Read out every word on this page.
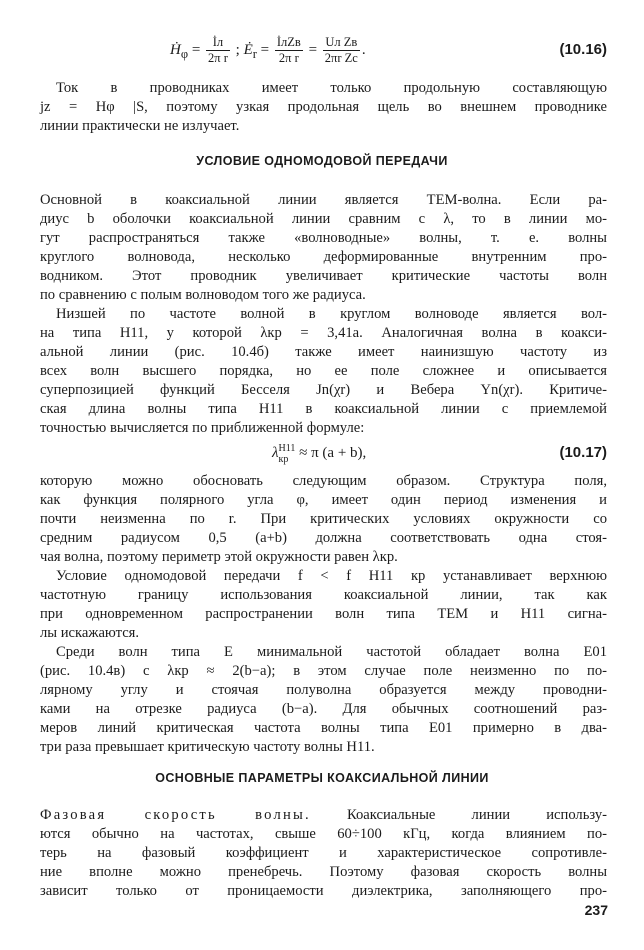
Ḣ$_\varphi$ = $\frac{İл}{\text{2π r}}$ ; $Ė_r = \frac{\text{İлZв}}{\text{2π r}} = \frac{\text{Uл Zв}}{\text{2πr Zc}}$ .	(10.16)
Ток в проводниках имеет только продольную составляющую
jz = Hφ |S, поэтому узкая продольная щель во внешнем проводнике
линии практически не излучает.
УСЛОВИЕ ОДНОМОДОВОЙ ПЕРЕДАЧИ
Основной в коаксиальной линии является ТЕМ-волна. Если ра-
диус b оболочки коаксиальной линии сравним с λ, то в линии мо-
гут распространяться также «волноводные» волны, т. е. волны
круглого волновода, несколько деформированные внутренним про-
водником. Этот проводник увеличивает критические частоты волн
по сравнению с полым волноводом того же радиуса.
Низшей по частоте волной в круглом волноводе является вол-
на типа H11, у которой λкр = 3,41a. Аналогичная волна в коакси-
альной линии (рис. 10.4б) также имеет наинизшую частоту из
всех волн высшего порядка, но ее поле сложнее и описывается
суперпозицией функций Бесселя Jn(χr) и Вебера Yn(χr). Критиче-
ская длина волны типа H11 в коаксиальной линии с приемлемой
точностью вычисляется по приближенной формуле:
λ H11
кр ≈ π (a + b),	(10.17)
которую можно обосновать следующим образом. Структура поля,
как функция полярного угла φ, имеет один период изменения и
почти неизменна по r. При критических условиях окружности со
средним радиусом 0,5 (a+b) должна соответствовать одна стоя-
чая волна, поэтому периметр этой окружности равен λкр.
Условие одномодовой передачи f < f H11 кр устанавливает верхнюю
частотную границу использования коаксиальной линии, так как
при одновременном распространении волн типа ТЕМ и H11 сигна-
лы искажаются.
Среди волн типа E минимальной частотой обладает волна E01
(рис. 10.4в) с λкр ≈ 2(b−a); в этом случае поле неизменно по по-
лярному углу и стоячая полуволна образуется между проводни-
ками на отрезке радиуса (b−a). Для обычных соотношений раз-
меров линий критическая частота волны типа E01 примерно в два-
три раза превышает критическую частоту волны H11.
ОСНОВНЫЕ ПАРАМЕТРЫ КОАКСИАЛЬНОЙ ЛИНИИ
Фазовая скорость волны. Коаксиальные линии использу-
ются обычно на частотах, свыше 60÷100 кГц, когда влиянием по-
терь на фазовый коэффициент и характеристическое сопротивле-
ние вполне можно пренебречь. Поэтому фазовая скорость волны
зависит только от проницаемости диэлектрика, заполняющего про-
237
